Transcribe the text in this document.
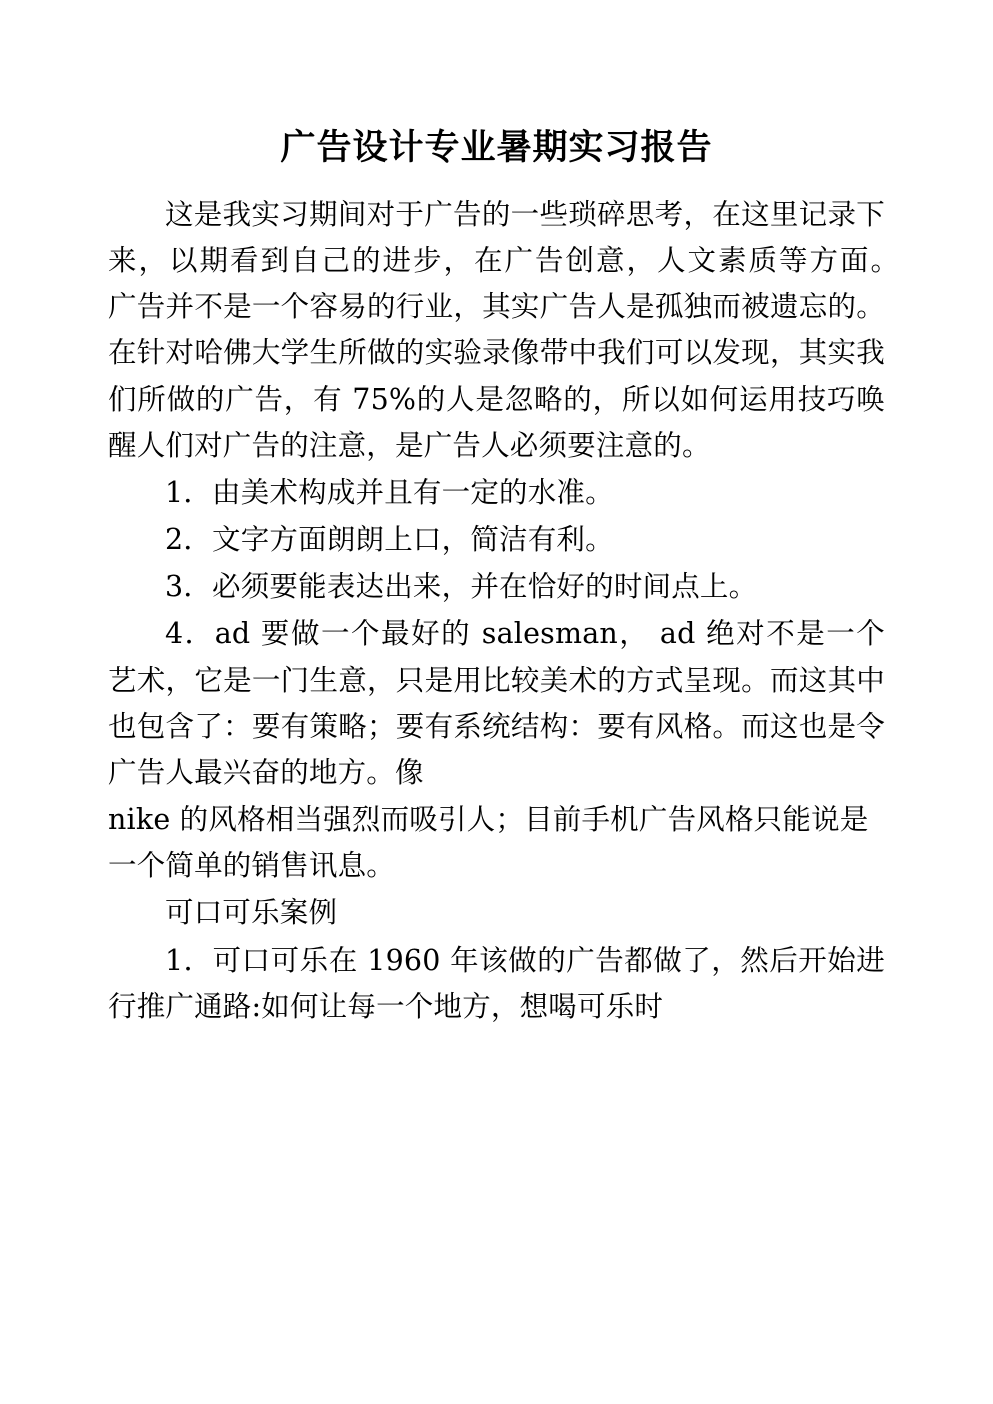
广告设计专业暑期实习报告

这是我实习期间对于广告的一些琐碎思考，在这里记录下来，以期看到自己的进步，在广告创意，人文素质等方面。　广告并不是一个容易的行业，其实广告人是孤独而被遗忘的。在针对哈佛大学生所做的实验录像带中我们可以发现，其实我们所做的广告，有 75%的人是忽略的，所以如何运用技巧唤醒人们对广告的注意，是广告人必须要注意的。

1．由美术构成并且有一定的水准。

2．文字方面朗朗上口，简洁有利。

3．必须要能表达出来，并在恰好的时间点上。

4．ad 要做一个最好的 salesman， ad 绝对不是一个艺术，它是一门生意，只是用比较美术的方式呈现。而这其中也包含了：要有策略；要有系统结构：要有风格。而这也是令广告人最兴奋的地方。像

nike 的风格相当强烈而吸引人；目前手机广告风格只能说是一个简单的销售讯息。

可口可乐案例

1．可口可乐在 1960 年该做的广告都做了，然后开始进行推广通路:如何让每一个地方，想喝可乐时
